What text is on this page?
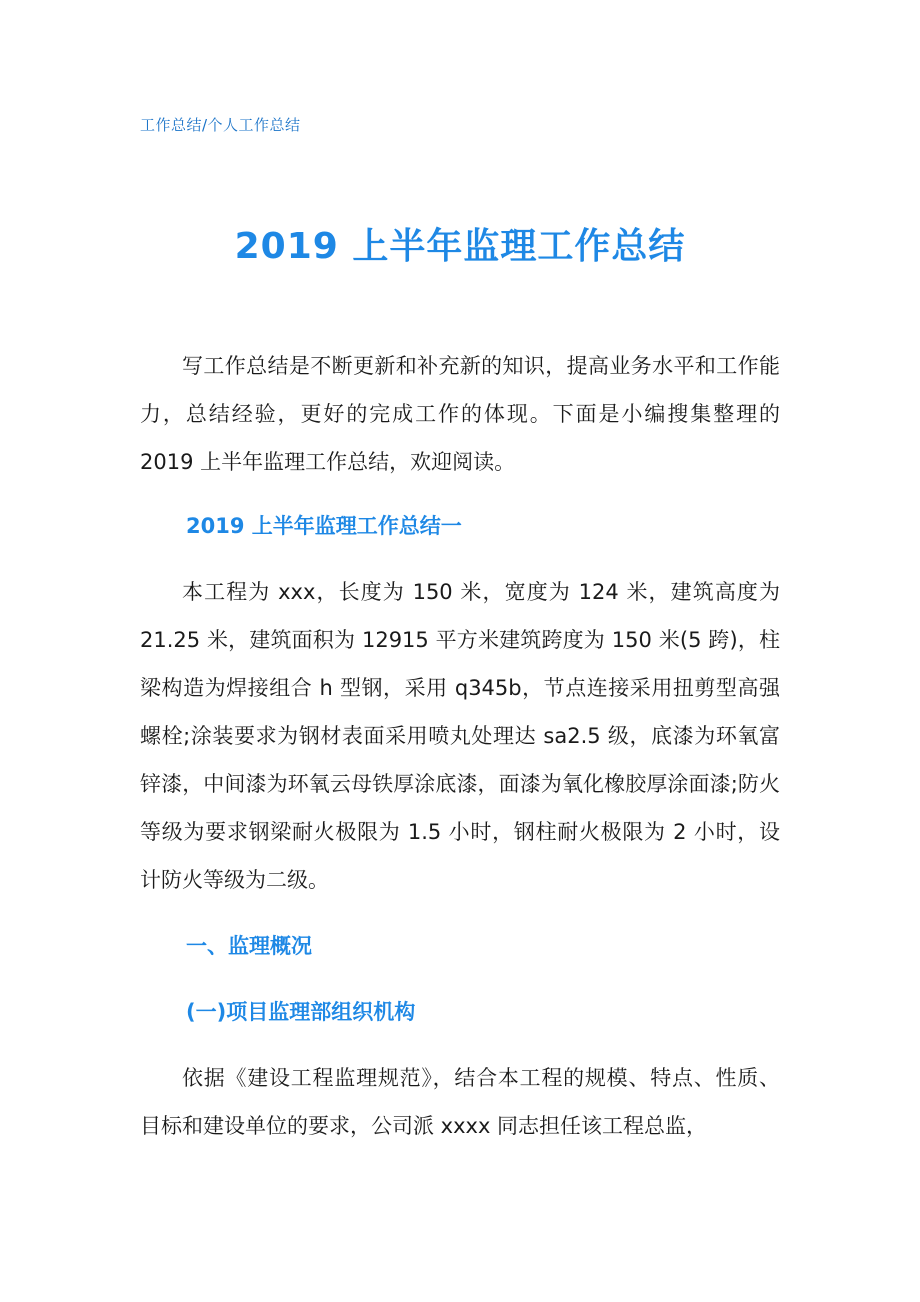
工作总结/个人工作总结
2019 上半年监理工作总结

写工作总结是不断更新和补充新的知识，提高业务水平和工作能力，总结经验，更好的完成工作的体现。下面是小编搜集整理的 2019 上半年监理工作总结，欢迎阅读。

2019 上半年监理工作总结一

本工程为 xxx，长度为 150 米，宽度为 124 米，建筑高度为 21.25 米，建筑面积为 12915 平方米建筑跨度为 150 米(5 跨)，柱梁构造为焊接组合 h 型钢，采用 q345b，节点连接采用扭剪型高强螺栓;涂装要求为钢材表面采用喷丸处理达 sa2.5 级，底漆为环氧富锌漆，中间漆为环氧云母铁厚涂底漆，面漆为氧化橡胶厚涂面漆;防火等级为要求钢梁耐火极限为 1.5 小时，钢柱耐火极限为 2 小时，设计防火等级为二级。

一、监理概况
(一)项目监理部组织机构

依据《建设工程监理规范》，结合本工程的规模、特点、性质、目标和建设单位的要求，公司派 xxxx 同志担任该工程总监，
